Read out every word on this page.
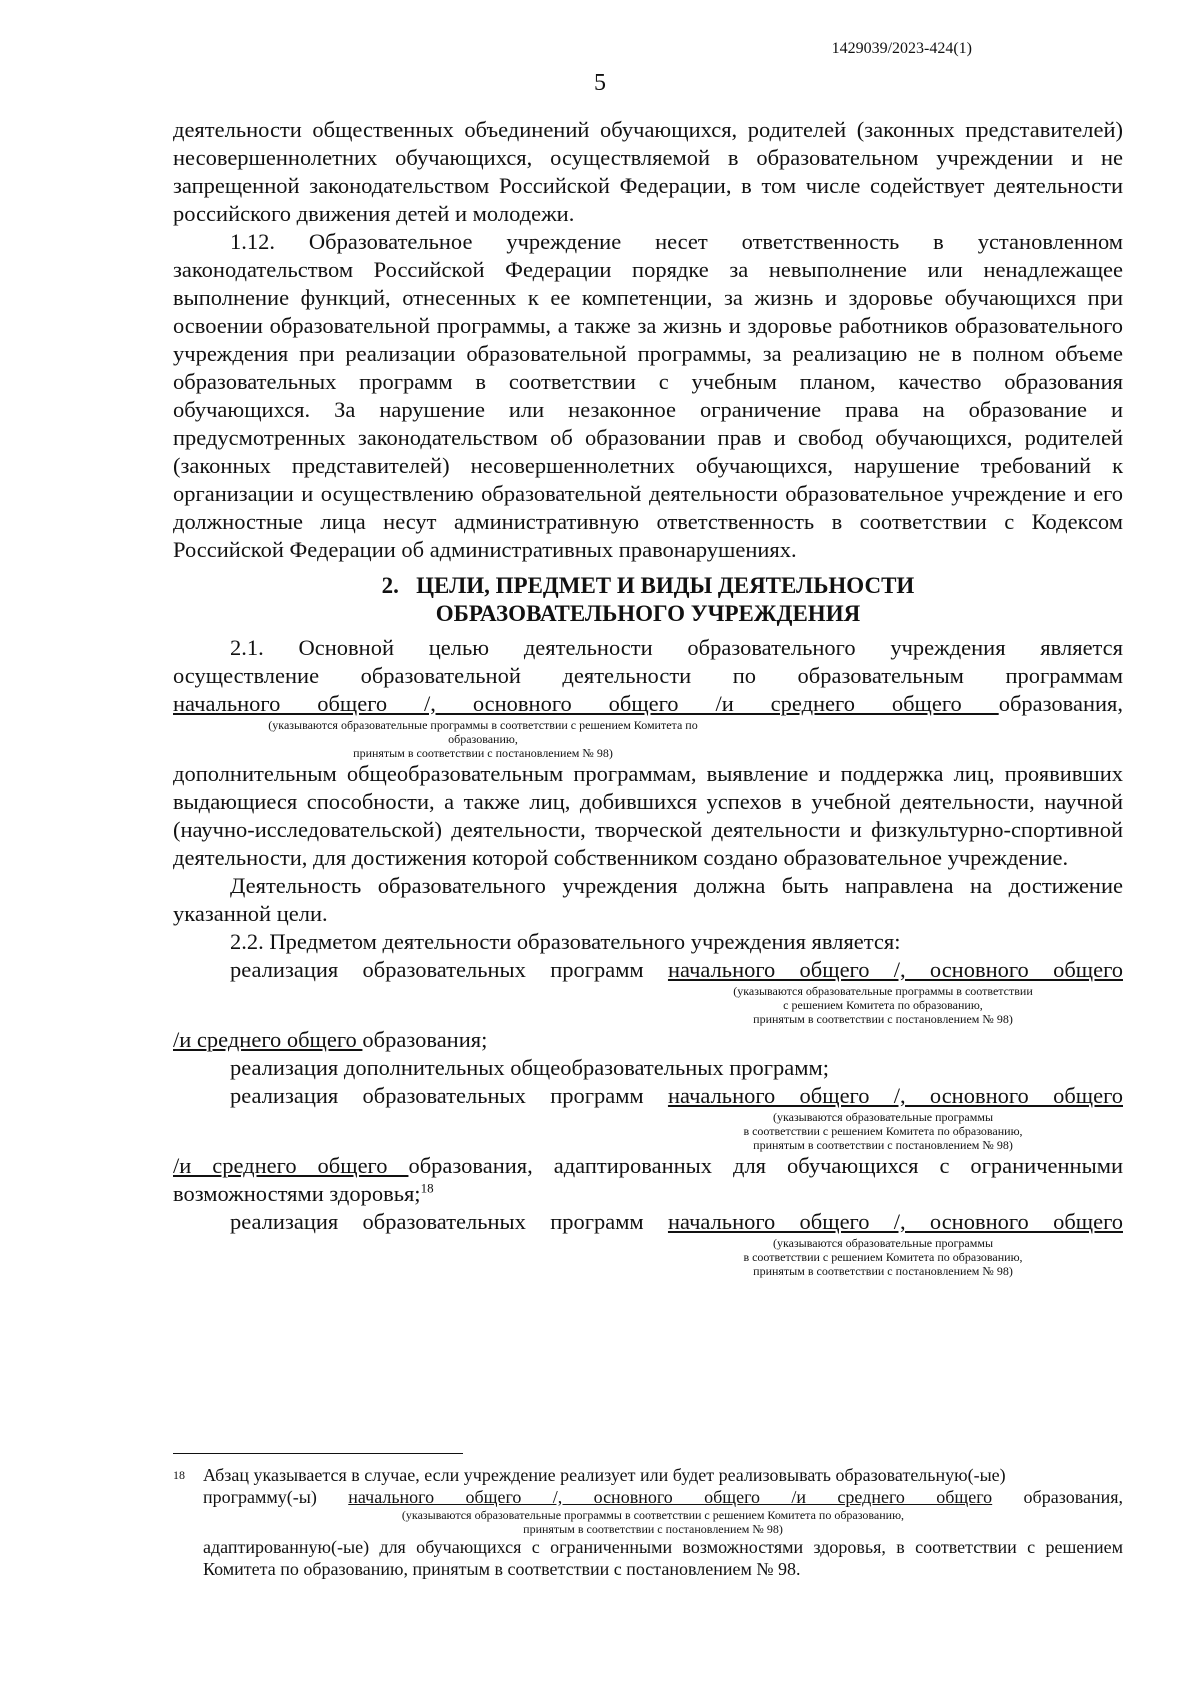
1429039/2023-424(1)
5

деятельности общественных объединений обучающихся, родителей (законных представителей) несовершеннолетних обучающихся, осуществляемой в образовательном учреждении и не запрещенной законодательством Российской Федерации, в том числе содействует деятельности российского движения детей и молодежи.

1.12. Образовательное учреждение несет ответственность в установленном законодательством Российской Федерации порядке за невыполнение или ненадлежащее выполнение функций, отнесенных к ее компетенции, за жизнь и здоровье обучающихся при освоении образовательной программы, а также за жизнь и здоровье работников образовательного учреждения при реализации образовательной программы, за реализацию не в полном объеме образовательных программ в соответствии с учебным планом, качество образования обучающихся. За нарушение или незаконное ограничение права на образование и предусмотренных законодательством об образовании прав и свобод обучающихся, родителей (законных представителей) несовершеннолетних обучающихся, нарушение требований к организации и осуществлению образовательной деятельности образовательное учреждение и его должностные лица несут административную ответственность в соответствии с Кодексом Российской Федерации об административных правонарушениях.

2. ЦЕЛИ, ПРЕДМЕТ И ВИДЫ ДЕЯТЕЛЬНОСТИ
ОБРАЗОВАТЕЛЬНОГО УЧРЕЖДЕНИЯ

2.1. Основной целью деятельности образовательного учреждения является

осуществление образовательной деятельности по образовательным программам

начального общего /, основного общего /и среднего общего образования,

(указываются образовательные программы в соответствии с решением Комитета по образованию,
принятым в соответствии с постановлением № 98)

дополнительным общеобразовательным программам, выявление и поддержка лиц, проявивших выдающиеся способности, а также лиц, добившихся успехов в учебной деятельности, научной (научно-исследовательской) деятельности, творческой деятельности и физкультурно-спортивной деятельности, для достижения которой собственником создано образовательное учреждение.

Деятельность образовательного учреждения должна быть направлена на достижение указанной цели.

2.2. Предметом деятельности образовательного учреждения является:

реализация образовательных программ начального общего /, основного общего

(указываются образовательные программы в соответствии
с решением Комитета по образованию,
принятым в соответствии с постановлением № 98)

/и среднего общего образования;

реализация дополнительных общеобразовательных программ;

реализация образовательных программ начального общего /, основного общего

(указываются образовательные программы
в соответствии с решением Комитета по образованию,
принятым в соответствии с постановлением № 98)

/и среднего общего образования, адаптированных для обучающихся с ограниченными возможностями здоровья;$^{18}$

реализация образовательных программ начального общего /, основного общего

(указываются образовательные программы
в соответствии с решением Комитета по образованию,
принятым в соответствии с постановлением № 98)

18 Абзац указывается в случае, если учреждение реализует или будет реализовывать образовательную(-ые)

программу(-ы) начального общего /, основного общего /и среднего общего образования,

(указываются образовательные программы в соответствии с решением Комитета по образованию,
принятым в соответствии с постановлением № 98)

адаптированную(-ые) для обучающихся с ограниченными возможностями здоровья, в соответствии с решением Комитета по образованию, принятым в соответствии с постановлением № 98.
